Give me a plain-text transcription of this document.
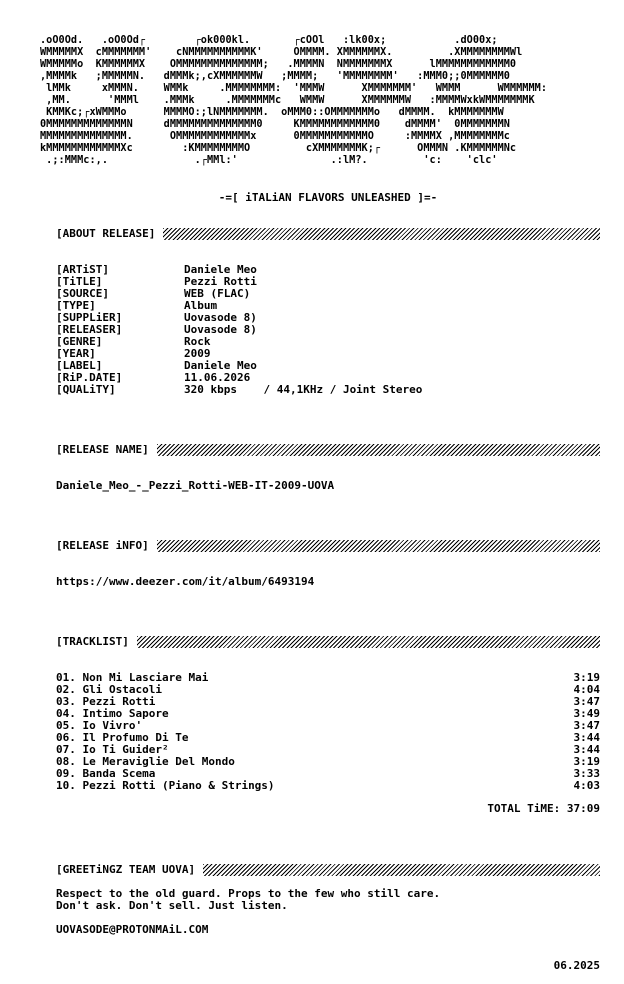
.oO0Od.   .oO0Od┌        ┌ok000kl.       ┌cOOl   :lk00x;           .dO00x;
WMMMMMX  cMMMMMMM'    cNMMMMMMMMMMK'     OMMMM. XMMMMMMX.         .XMMMMMMMMWl
WMMMMMo  KMMMMMMX    OMMMMMMMMMMMMMM;   .MMMMN  NMMMMMMMX      lMMMMMMMMMMMM0
,MMMMk   ;MMMMMN.   dMMMk;,cXMMMMMMW   ;MMMM;   'MMMMMMMM'   :MMM0;;0MMMMMM0
lMMk     xMMMN.    WMMk     .MMMMMMMM:  'MMMW      XMMMMMMM'   WMMM      WMMMMMM:
,MM.      'MMMl    .MMMk     .MMMMMMMc   WMMW      XMMMMMMW   :MMMMWxkWMMMMMMMK
KMMKc;┌xWMMMo      MMMMO:;lNMMMMMMM.  oMMM0::OMMMMMMMo   dMMMM.  kMMMMMMMW
0MMMMMMMMMMMMMN     dMMMMMMMMMMMMMM0     KMMMMMMMMMMMM0    dMMMM'  0MMMMMMMN
MMMMMMMMMMMMMM.      OMMMMMMMMMMMMx      0MMMMMMMMMMMO     :MMMMX ,MMMMMMMMc
kMMMMMMMMMMMMXc        :KMMMMMMMMO         cXMMMMMMMK;┌      OMMMN .KMMMMMMNc
.;:MMMc:,.              .┌MMl:'               .:lM?.         'c:    'clc'
-=[ iTALiAN FLAVORS UNLEASHED ]=-
[ABOUT RELEASE]
[ARTiST]	Daniele Meo
[TiTLE]	Pezzi Rotti
[SOURCE]	WEB (FLAC)
[TYPE]	Album
[SUPPLiER]	Uovasode 8)
[RELEASER]	Uovasode 8)
[GENRE]	Rock
[YEAR]	2009
[LABEL]	Daniele Meo
[RiP.DATE]	11.06.2026
[QUALiTY]	320 kbps    / 44,1KHz / Joint Stereo
[RELEASE NAME]
Daniele_Meo_-_Pezzi_Rotti-WEB-IT-2009-UOVA
[RELEASE iNFO]
https://www.deezer.com/it/album/6493194
[TRACKLIST]
01. Non Mi Lasciare Mai	3:19
02. Gli Ostacoli	4:04
03. Pezzi Rotti	3:47
04. Intimo Sapore	3:49
05. Io Vivro'	3:47
06. Il Profumo Di Te	3:44
07. Io Ti Guider²	3:44
08. Le Meraviglie Del Mondo	3:19
09. Banda Scema	3:33
10. Pezzi Rotti (Piano & Strings)	4:03
TOTAL TiME: 37:09
[GREETiNGZ TEAM UOVA]
Respect to the old guard. Props to the few who still care.
Don't ask. Don't sell. Just listen.
UOVASODE@PROTONMAiL.COM
06.2025
